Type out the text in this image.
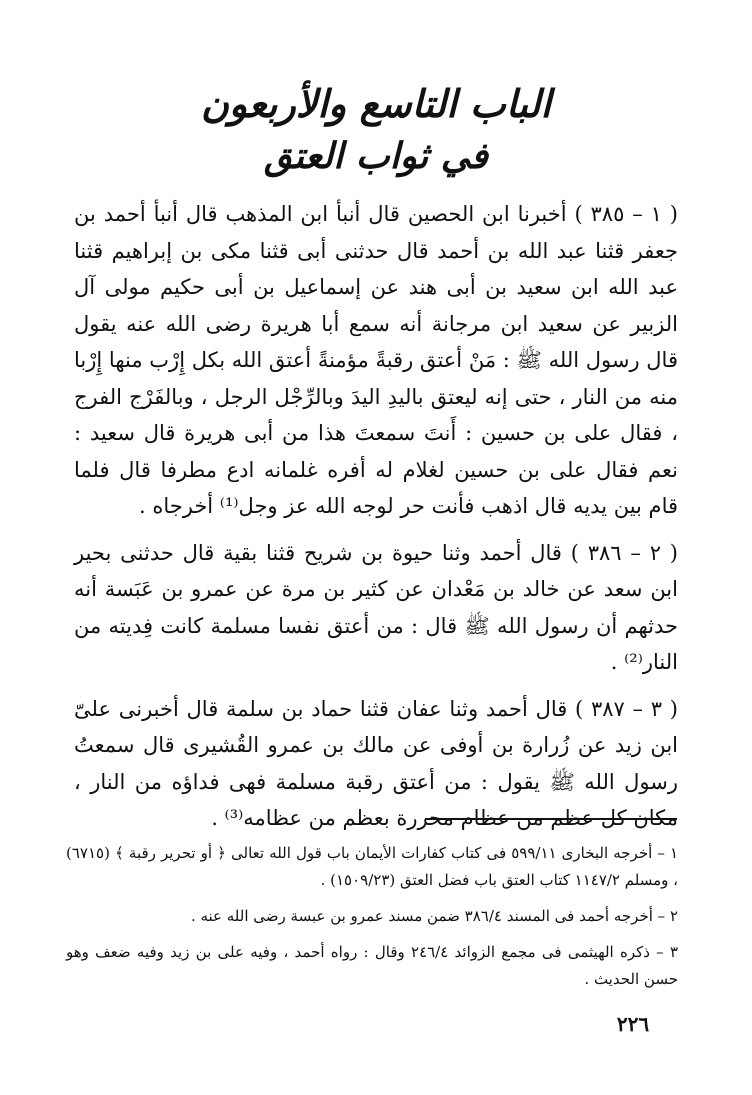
الباب التاسع والأربعون
في ثواب العتق

( ١ – ٣٨٥ ) أخبرنا ابن الحصين قال أنبأ ابن المذهب قال أنبأ أحمد بن جعفر قثنا عبد الله بن أحمد قال حدثنى أبى قثنا مكى بن إبراهيم قثنا عبد الله ابن سعيد بن أبى هند عن إسماعيل بن أبى حكيم مولى آل الزبير عن سعيد ابن مرجانة أنه سمع أبا هريرة رضى الله عنه يقول قال رسول الله ﷺ : مَنْ أعتق رقبةً مؤمنةً أعتق الله بكل إِرْب منها إِرْبا منه من النار ، حتى إنه ليعتق باليدِ اليدَ وبالرِّجْل الرجل ، وبالفَرْج الفرج ، فقال على بن حسين : أَنتَ سمعتَ هذا من أبى هريرة قال سعيد : نعم فقال على بن حسين لغلام له أفره غلمانه ادع مطرفا قال فلما قام بين يديه قال اذهب فأنت حر لوجه الله عز وجل⁽¹⁾ أخرجاه .

( ٢ – ٣٨٦ ) قال أحمد وثنا حيوة بن شريح قثنا بقية قال حدثنى بحير ابن سعد عن خالد بن مَعْدان عن كثير بن مرة عن عمرو بن عَبَسة أنه حدثهم أن رسول الله ﷺ قال : من أعتق نفسا مسلمة كانت فِديته من النار⁽²⁾ .

( ٣ – ٣٨٧ ) قال أحمد وثنا عفان قثنا حماد بن سلمة قال أخبرنى علىّ ابن زيد عن زُرارة بن أوفى عن مالك بن عمرو القُشيرى قال سمعتُ رسول الله ﷺ يقول : من أعتق رقبة مسلمة فهى فداؤه من النار ، مكان كل عظم من عظام محررة بعظم من عظامه⁽³⁾ .

١ – أخرجه البخارى ٥٩٩/١١ فى كتاب كفارات الأيمان باب قول الله تعالى ﴿ أو تحرير رقبة ﴾ (٦٧١٥) ، ومسلم ١١٤٧/٢ كتاب العتق باب فضل العتق (١٥٠٩/٢٣) .

٢ – أخرجه أحمد فى المسند ٣٨٦/٤ ضمن مسند عمرو بن عبسة رضى الله عنه .

٣ – ذكره الهيثمى فى مجمع الزوائد ٢٤٦/٤ وقال : رواه أحمد ، وفيه على بن زيد وفيه ضعف وهو حسن الحديث .

٢٢٦
